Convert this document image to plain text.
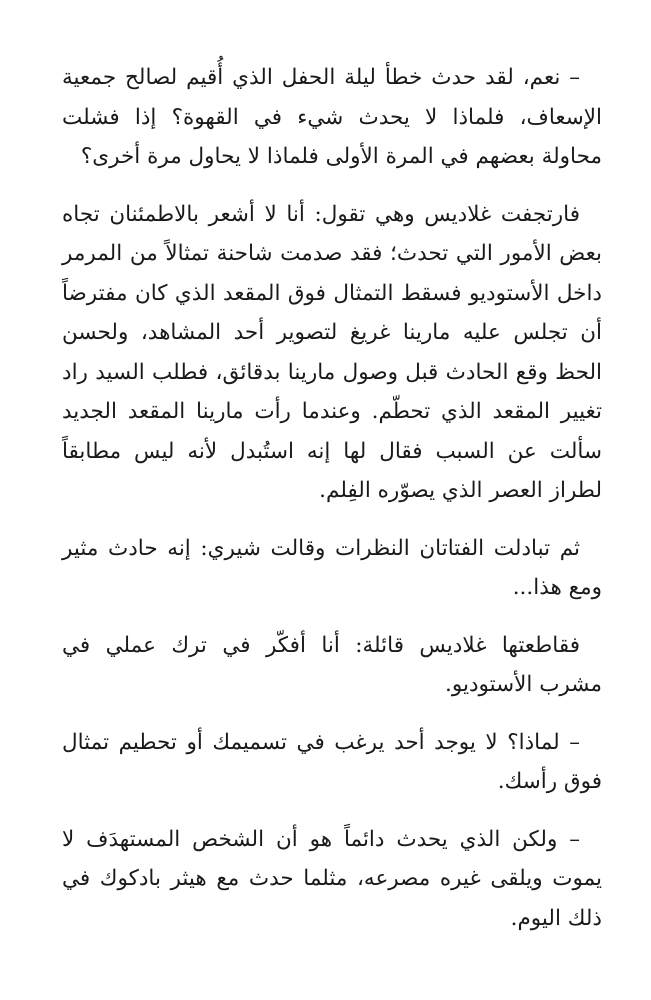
– نعم، لقد حدث خطأ ليلة الحفل الذي أُقيم لصالح جمعية الإسعاف، فلماذا لا يحدث شيء في القهوة؟ إذا فشلت محاولة بعضهم في المرة الأولى فلماذا لا يحاول مرة أخرى؟

فارتجفت غلاديس وهي تقول: أنا لا أشعر بالاطمئنان تجاه بعض الأمور التي تحدث؛ فقد صدمت شاحنة تمثالاً من المرمر داخل الأستوديو فسقط التمثال فوق المقعد الذي كان مفترضاً أن تجلس عليه مارينا غريغ لتصوير أحد المشاهد، ولحسن الحظ وقع الحادث قبل وصول مارينا بدقائق، فطلب السيد راد تغيير المقعد الذي تحطّم. وعندما رأت مارينا المقعد الجديد سألت عن السبب فقال لها إنه استُبدل لأنه ليس مطابقاً لطراز العصر الذي يصوّره الفِلم.

ثم تبادلت الفتاتان النظرات وقالت شيري: إنه حادث مثير ومع هذا...

فقاطعتها غلاديس قائلة: أنا أفكّر في ترك عملي في مشرب الأستوديو.

– لماذا؟ لا يوجد أحد يرغب في تسميمك أو تحطيم تمثال فوق رأسك.

– ولكن الذي يحدث دائماً هو أن الشخص المستهدَف لا يموت ويلقى غيره مصرعه، مثلما حدث مع هيثر بادكوك في ذلك اليوم.
